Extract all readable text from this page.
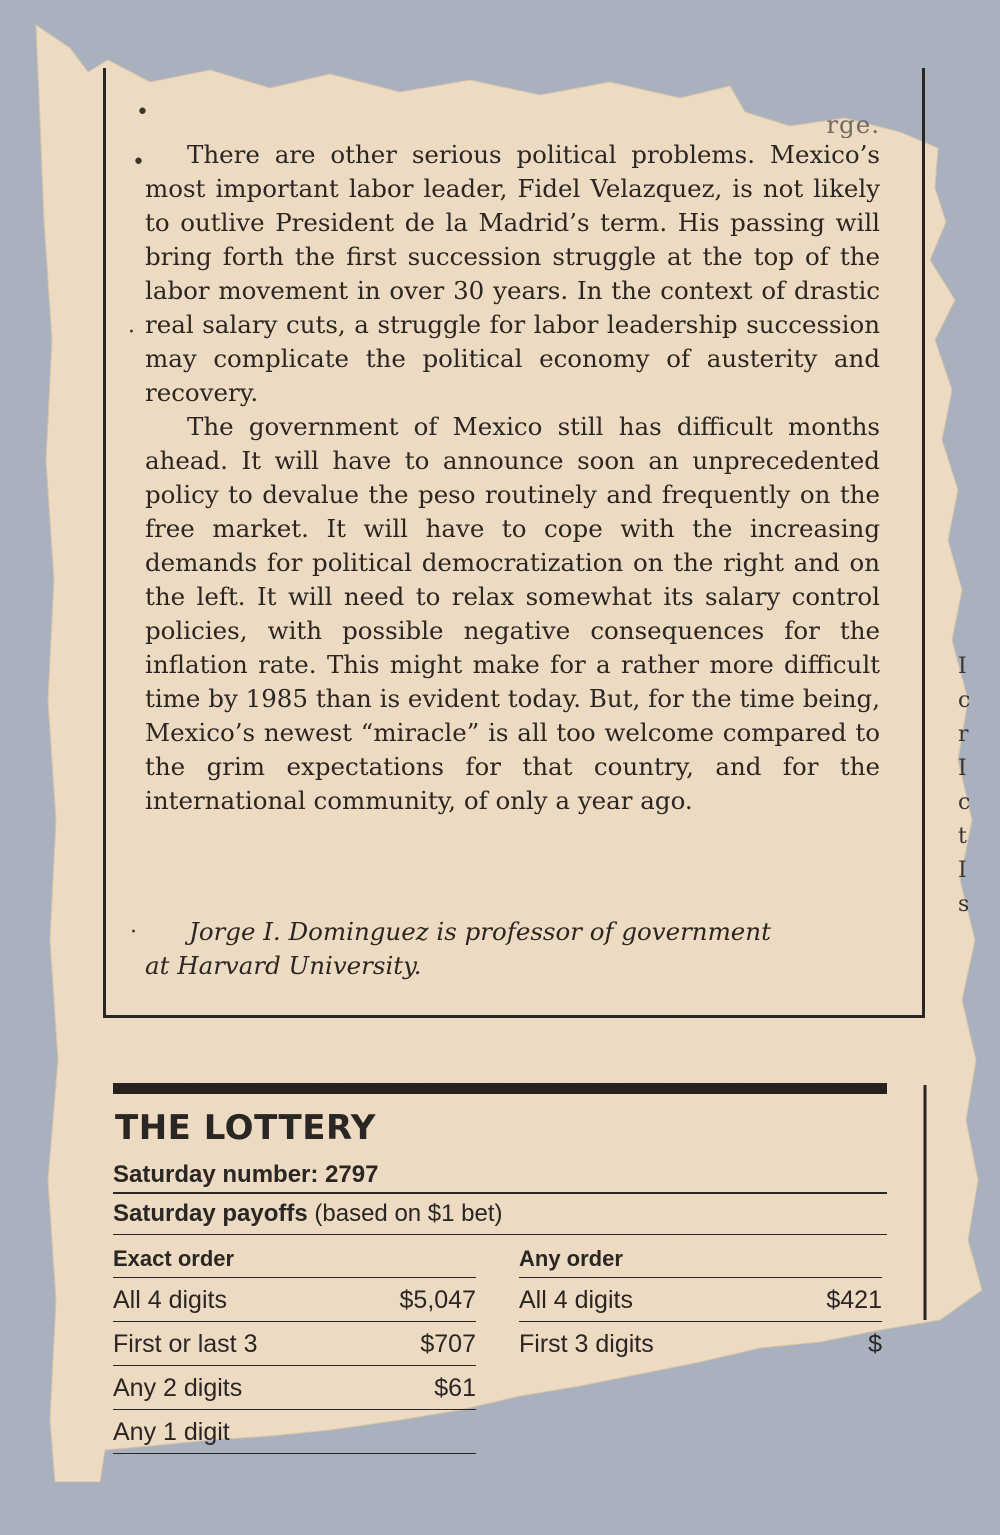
rge.

There are other serious political problems. Mexico’s most important labor leader, Fidel Velazquez, is not likely to outlive President de la Madrid’s term. His passing will bring forth the first succession struggle at the top of the labor movement in over 30 years. In the context of drastic real salary cuts, a struggle for labor leadership succession may complicate the political economy of austerity and recovery.

The government of Mexico still has difficult months ahead. It will have to announce soon an unprecedented policy to devalue the peso routinely and frequently on the free market. It will have to cope with the increasing demands for political democratization on the right and on the left. It will need to relax somewhat its salary control policies, with possible negative consequences for the inflation rate. This might make for a rather more difficult time by 1985 than is evident today. But, for the time being, Mexico’s newest “miracle” is all too welcome compared to the grim expectations for that country, and for the international community, of only a year ago.

Jorge I. Dominguez is professor of government
at Harvard University.
•
•
·
·
THE LOTTERY
Saturday number: 2797
Saturday payoffs (based on $1 bet)
Exact order
All 4 digits	$5,047
First or last 3	$707
Any 2 digits	$61
Any 1 digit
Any order
All 4 digits	$421
First 3 digits	$
I
c
r
I
c
t
I
s
